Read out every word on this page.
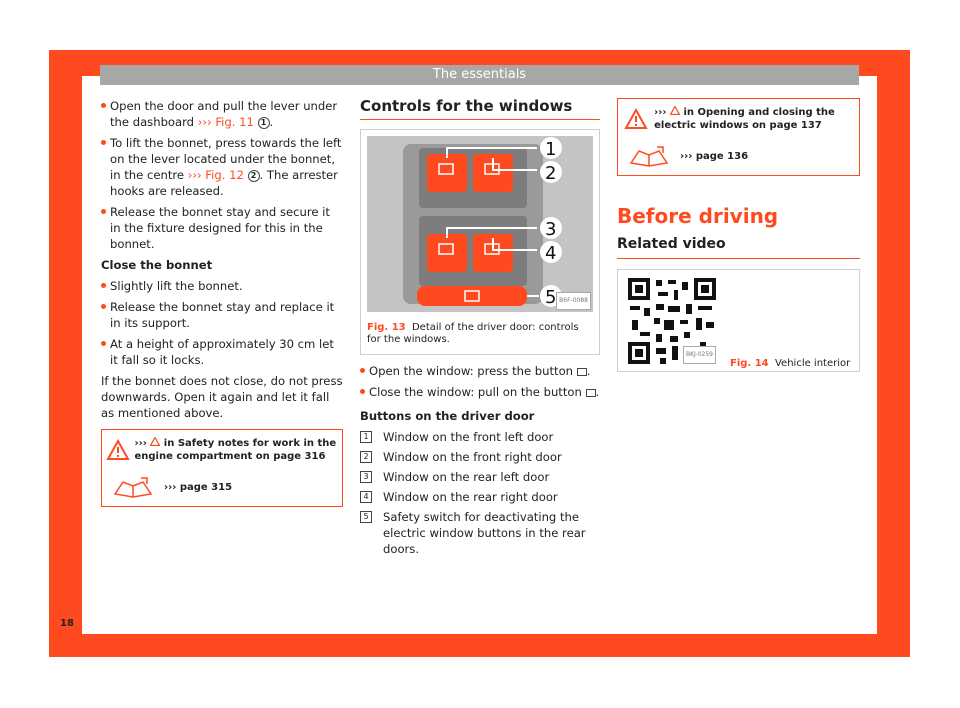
The essentials
Open the door and pull the lever under the dashboard ››› Fig. 11 1 .
To lift the bonnet, press towards the left on the lever located under the bonnet, in the centre ››› Fig. 12 2 . The arrester hooks are released.
Release the bonnet stay and secure it in the fixture designed for this in the bonnet.
Close the bonnet
Slightly lift the bonnet.
Release the bonnet stay and replace it in its support.
At a height of approximately 30 cm let it fall so it locks.
If the bonnet does not close, do not press downwards. Open it again and let it fall as mentioned above.
›››  in Safety notes for work in the engine compartment on page 316
››› page 315
Controls for the windows
1
2
3
4
5 B6F-0088
Fig. 13 Detail of the driver door: controls for the windows.
Open the window: press the button .
Close the window: pull on the button .
Buttons on the driver door
1 Window on the front left door
2 Window on the front right door
3 Window on the rear left door
4 Window on the rear right door
5 Safety switch for deactivating the electric window buttons in the rear doors.
›››  in Opening and closing the electric windows on page 137
››› page 136
Before driving
Related video
BKJ-0259
Fig. 14 Vehicle interior
18
